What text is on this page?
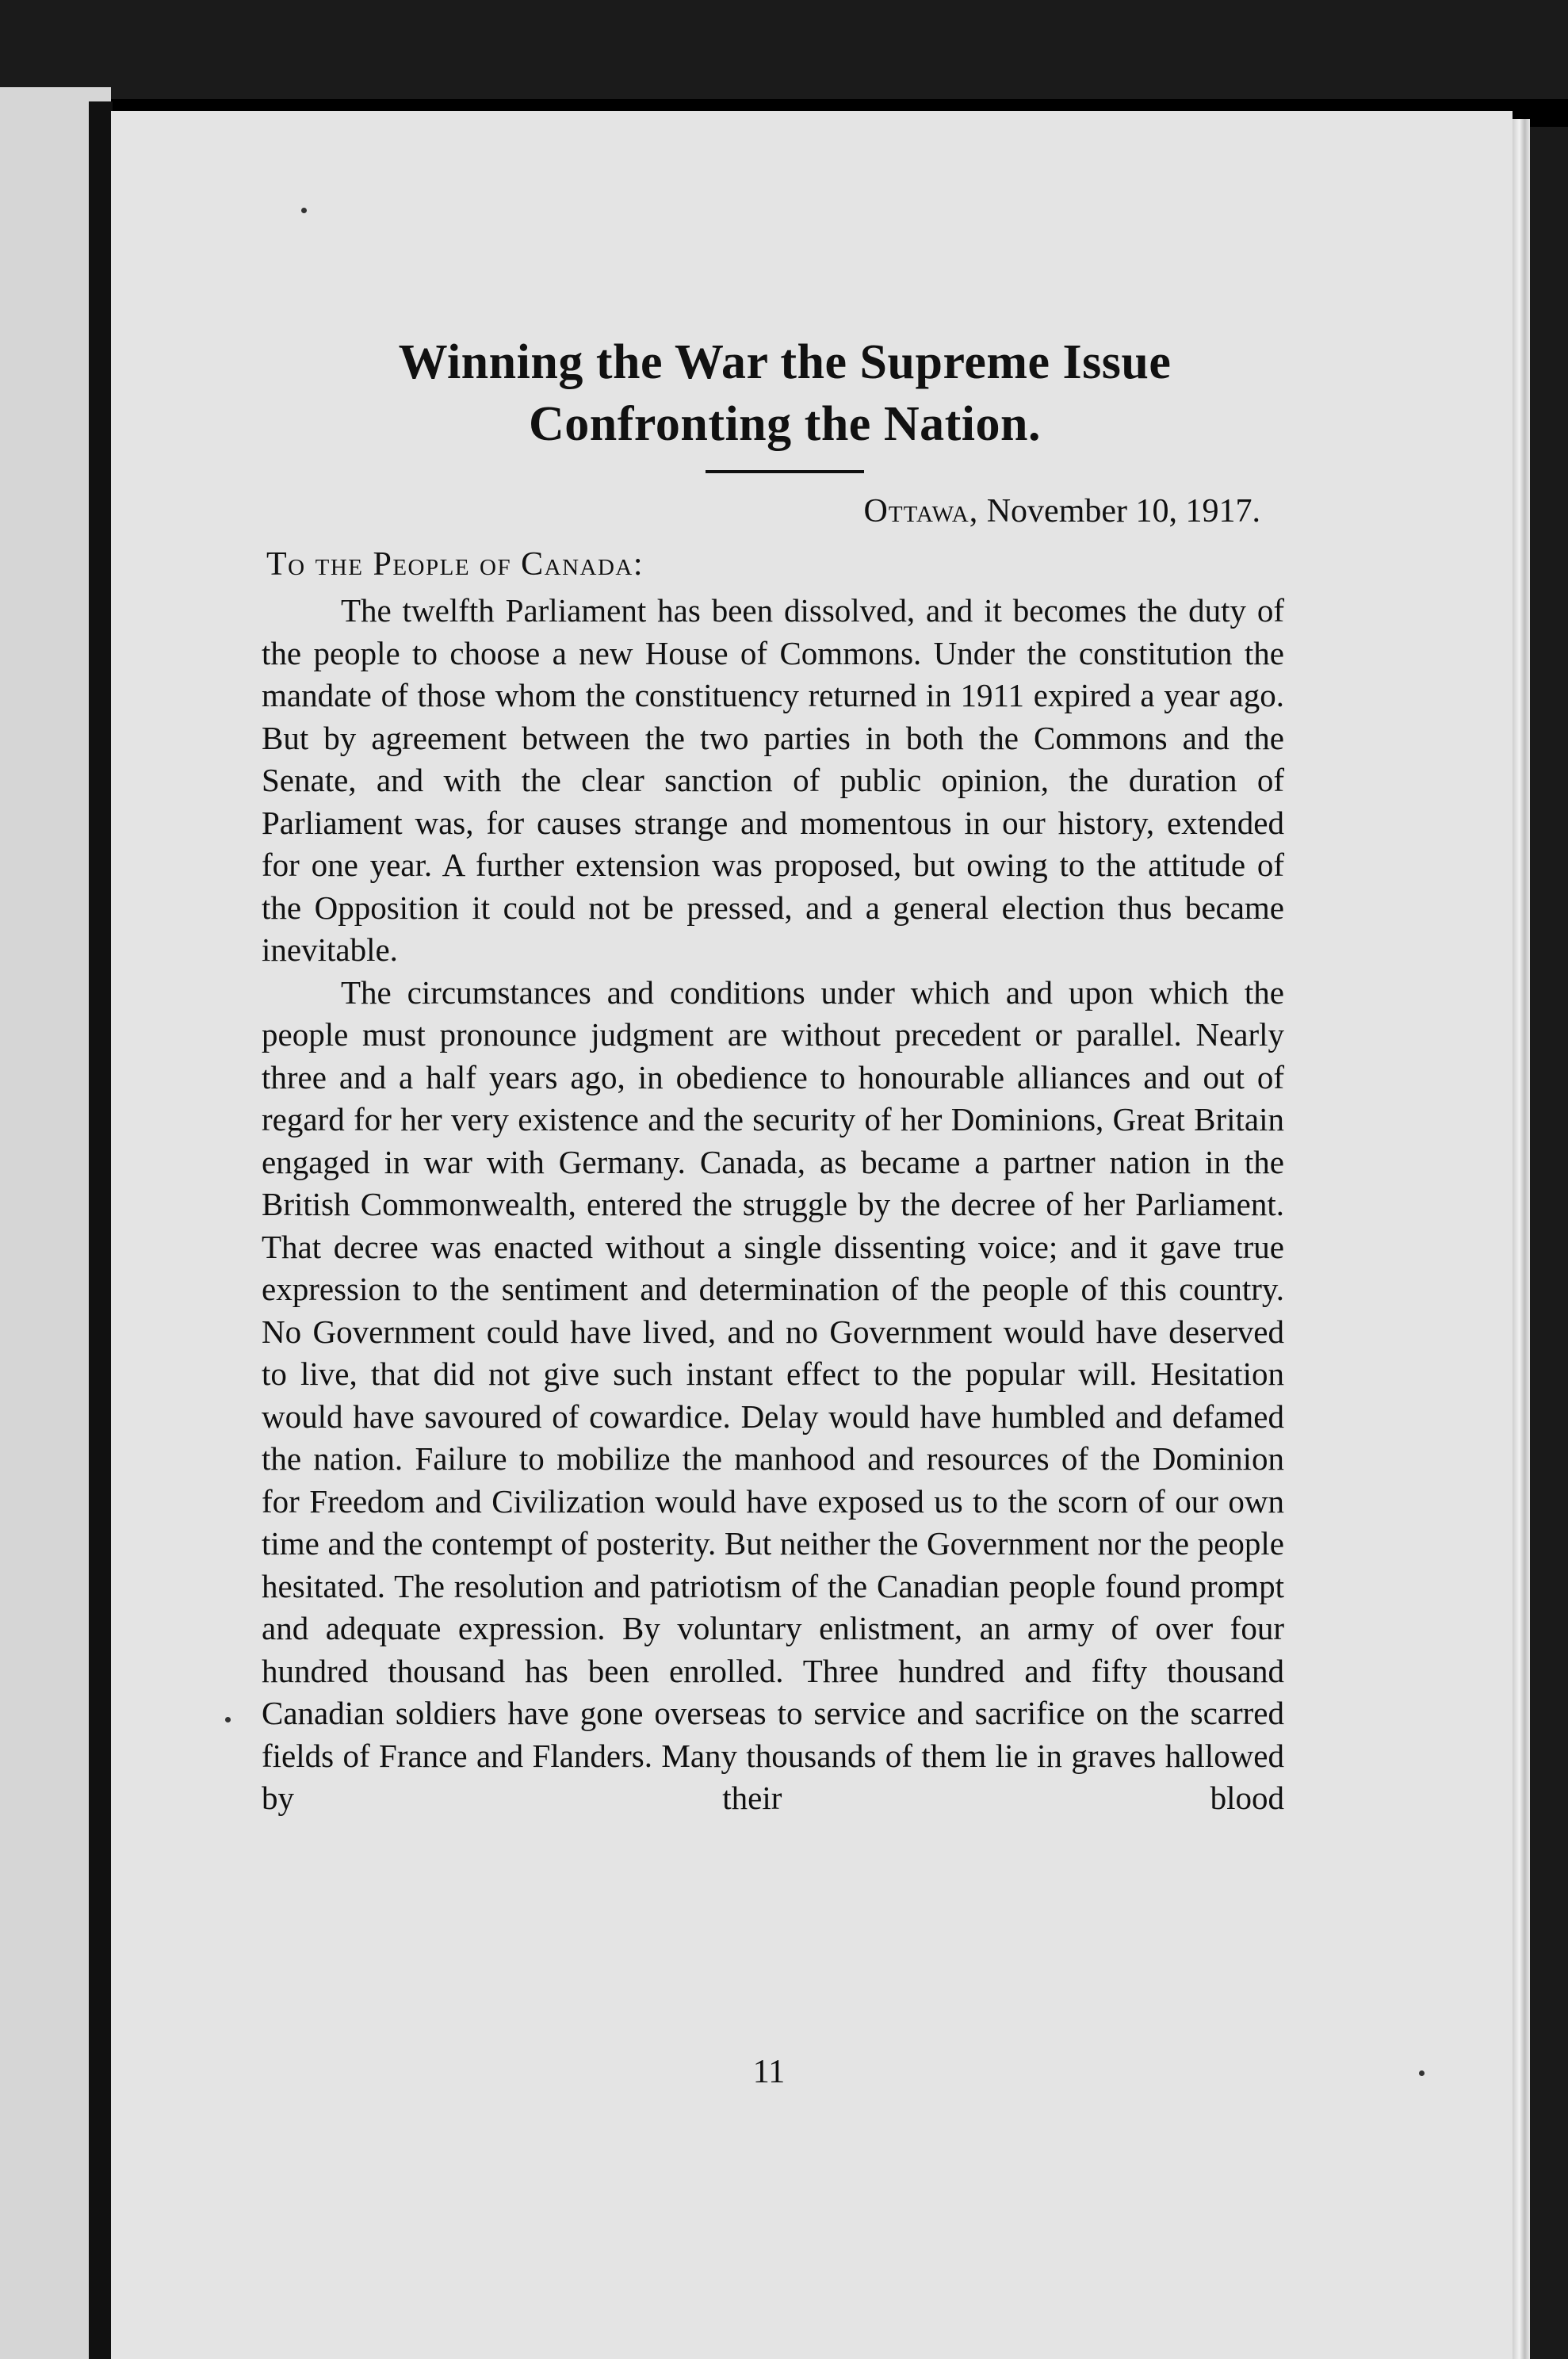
Winning the War the Supreme Issue
Confronting the Nation.
Ottawa, November 10, 1917.
To the People of Canada:

The twelfth Parliament has been dissolved, and it becomes the duty of the people to choose a new House of Commons. Under the constitution the mandate of those whom the constituency returned in 1911 expired a year ago. But by agreement between the two parties in both the Commons and the Senate, and with the clear sanction of public opinion, the duration of Parliament was, for causes strange and momentous in our history, extended for one year. A further extension was proposed, but owing to the attitude of the Opposition it could not be pressed, and a general election thus became inevitable.

The circumstances and conditions under which and upon which the people must pronounce judgment are without precedent or parallel. Nearly three and a half years ago, in obedience to honourable alliances and out of regard for her very existence and the security of her Dominions, Great Britain engaged in war with Germany. Canada, as became a partner nation in the British Commonwealth, entered the struggle by the decree of her Parliament. That decree was enacted without a single dissenting voice; and it gave true expression to the sentiment and determination of the people of this country. No Government could have lived, and no Government would have deserved to live, that did not give such instant effect to the popular will. Hesitation would have savoured of cowardice. Delay would have humbled and defamed the nation. Failure to mobilize the manhood and resources of the Dominion for Freedom and Civilization would have exposed us to the scorn of our own time and the contempt of posterity. But neither the Government nor the people hesitated. The resolution and patriotism of the Canadian people found prompt and adequate expression. By voluntary enlistment, an army of over four hundred thousand has been enrolled. Three hundred and fifty thousand Canadian soldiers have gone overseas to service and sacrifice on the scarred fields of France and Flanders. Many thousands of them lie in graves hallowed by their blood

11
